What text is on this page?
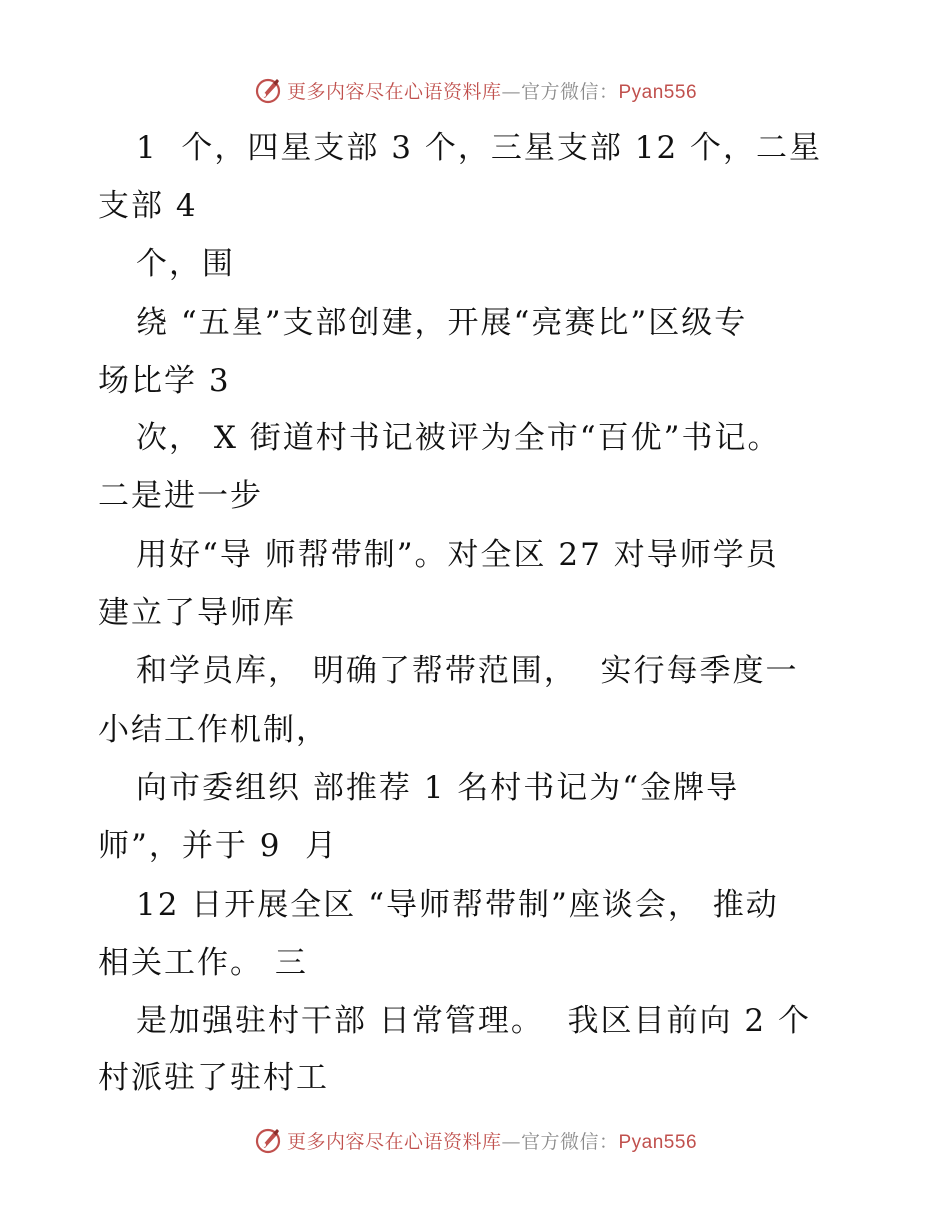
更多内容尽在心语资料库—官方微信：Pyan556
1  个，四星支部 3 个，三星支部 12 个，二星
支部 4
个，围
绕 “五星”支部创建，开展“亮赛比”区级专
场比学 3
次， X 街道村书记被评为全市“百优”书记。
二是进一步
用好“导 师帮带制”。对全区 27 对导师学员
建立了导师库
和学员库， 明确了帮带范围，  实行每季度一
小结工作机制，
向市委组织 部推荐 1 名村书记为“金牌导
师”，并于 9  月
12 日开展全区 “导师帮带制”座谈会， 推动
相关工作。 三
是加强驻村干部 日常管理。  我区目前向 2 个
村派驻了驻村工
更多内容尽在心语资料库—官方微信：Pyan556
